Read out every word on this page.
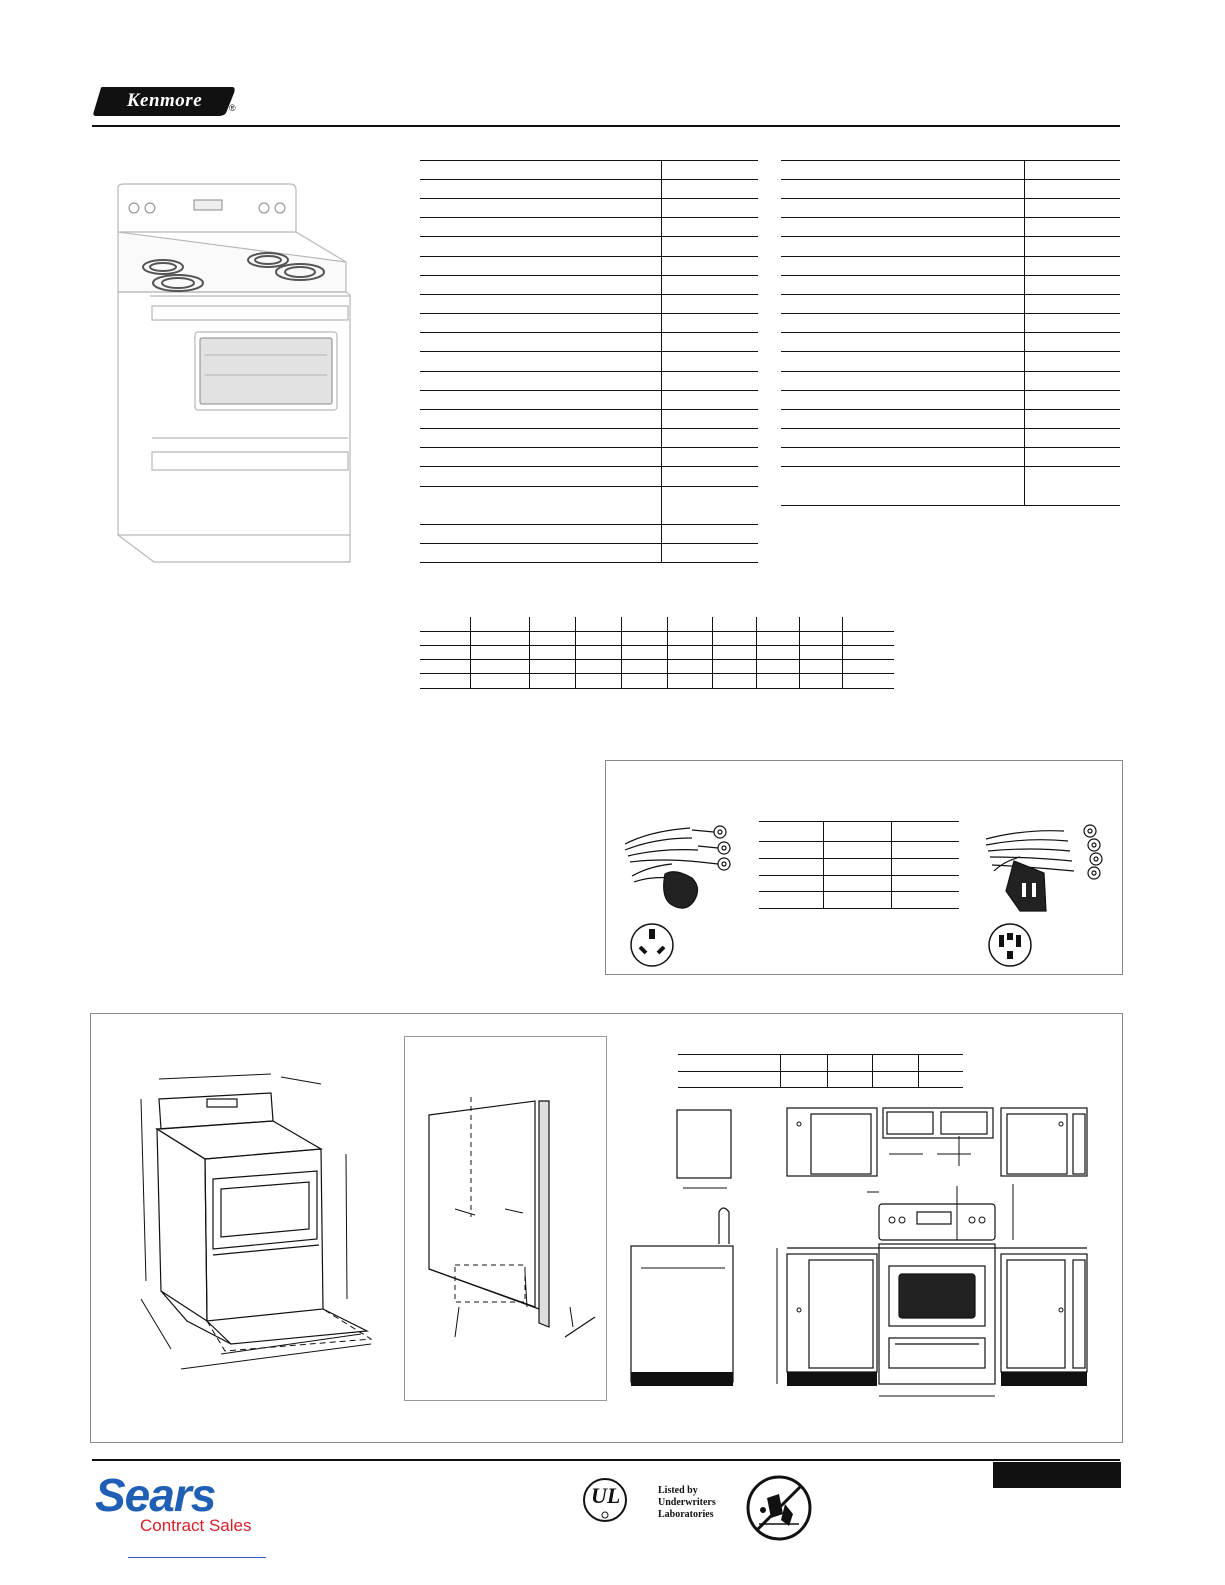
Kenmore	®
Sears
Contract Sales
UL	Listed by
Underwriters
Laboratories
